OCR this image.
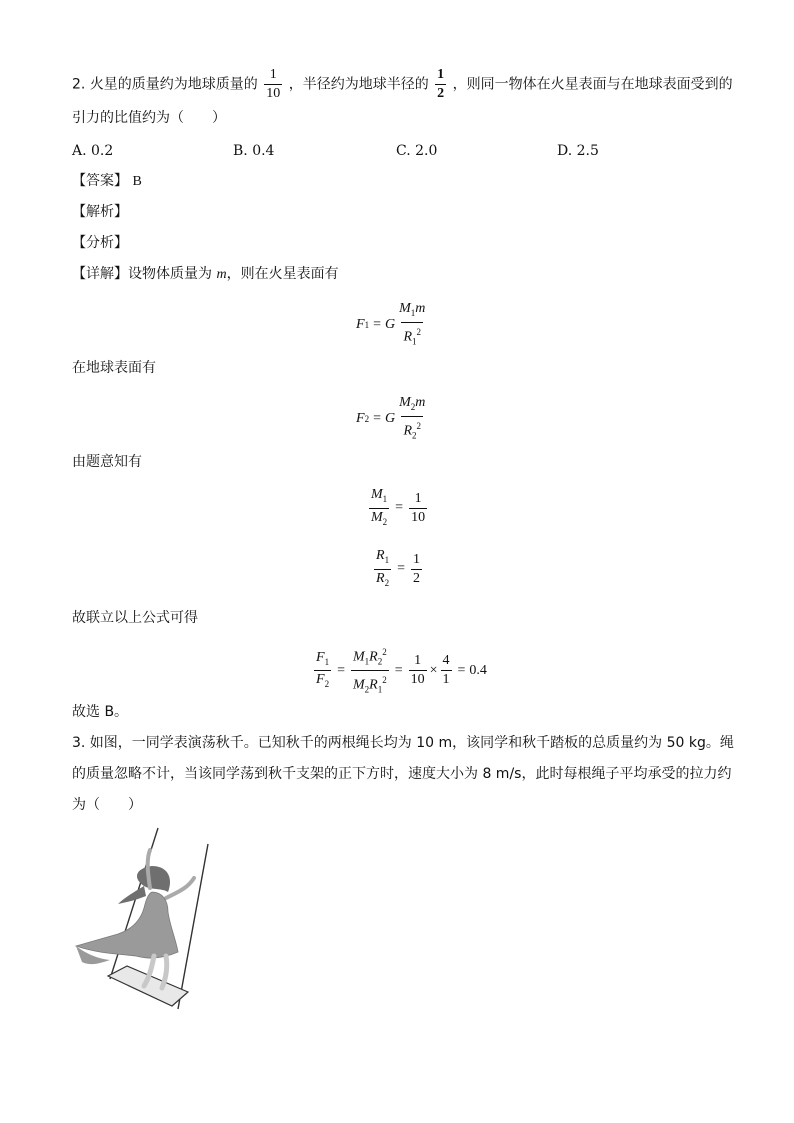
2. 火星的质量约为地球质量的 $\frac{1}{10}$ ，半径约为地球半径的 $\frac{1}{2}$ ，则同一物体在火星表面与在地球表面受到的
引力的比值约为（　　）
A. 0.2	B. 0.4	C. 2.0	D. 2.5
【答案】 B
【解析】
【分析】
【详解】设物体质量为 m，则在火星表面有
F 1 = G $\frac{M_1m}{R_1^2}$
在地球表面有
F 2 = G $\frac{M_2m}{R_2^2}$
由题意知有
$\frac{M_1}{M_2} = \frac{1}{10}$
$\frac{R_1}{R_2} = \frac{1}{2}$
故联立以上公式可得
$\frac{F_1}{F_2} = \frac{M_1R_2^2}{M_2R_1^2} = \frac{1}{10} \times \frac{4}{1} = 0.4$
故选 B。
3. 如图，一同学表演荡秋千。已知秋千的两根绳长均为 10 m，该同学和秋千踏板的总质量约为 50 kg。绳
的质量忽略不计，当该同学荡到秋千支架的正下方时，速度大小为 8 m/s，此时每根绳子平均承受的拉力约
为（　　）
